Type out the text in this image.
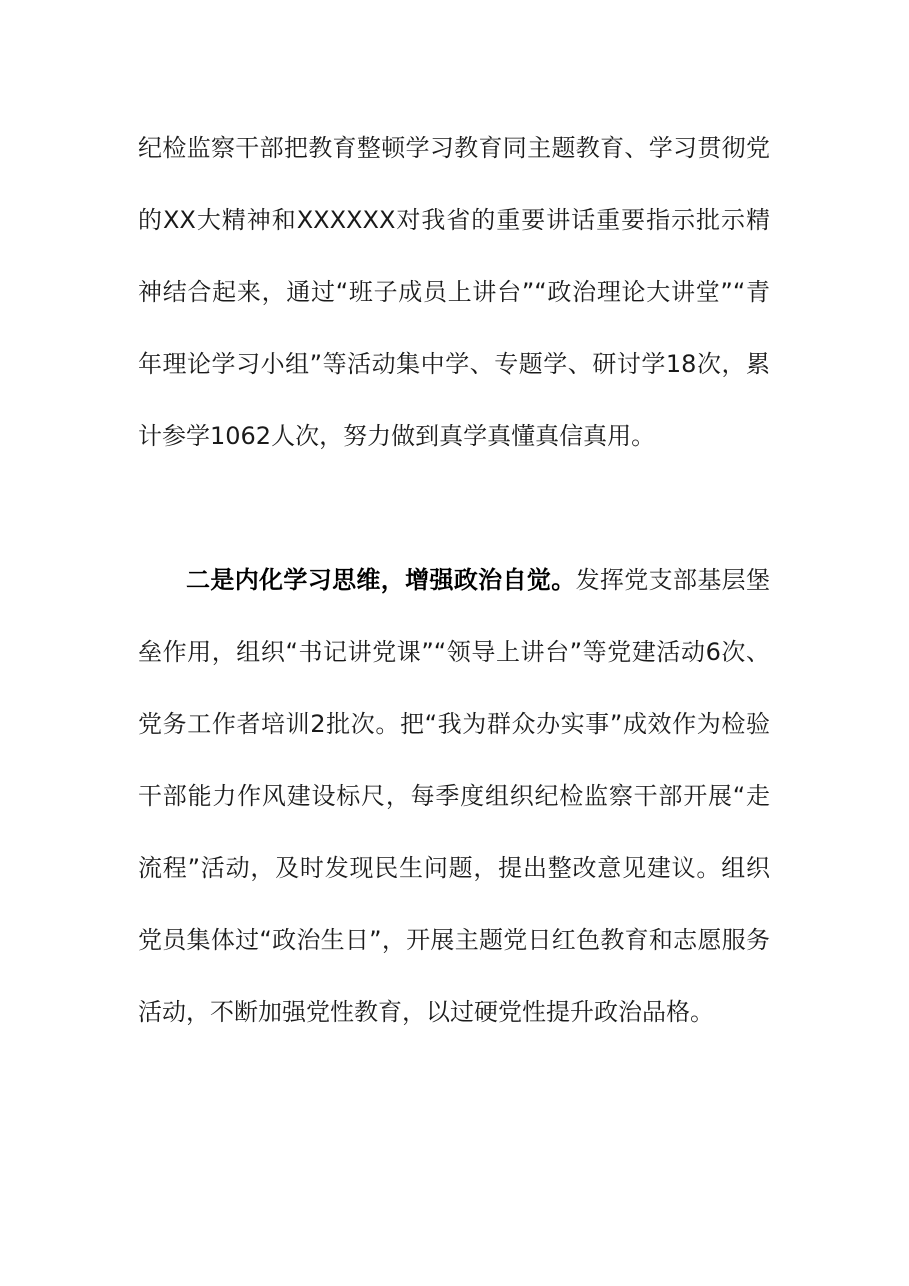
纪检监察干部把教育整顿学习教育同主题教育、学习贯彻党的XX大精神和XXXXXX对我省的重要讲话重要指示批示精神结合起来，通过“班子成员上讲台”“政治理论大讲堂”“青年理论学习小组”等活动集中学、专题学、研讨学18次，累计参学1062人次，努力做到真学真懂真信真用。

二是内化学习思维，增强政治自觉。发挥党支部基层堡垒作用，组织“书记讲党课”“领导上讲台”等党建活动6次、党务工作者培训2批次。把“我为群众办实事”成效作为检验干部能力作风建设标尺，每季度组织纪检监察干部开展“走流程”活动，及时发现民生问题，提出整改意见建议。组织党员集体过“政治生日”，开展主题党日红色教育和志愿服务活动，不断加强党性教育，以过硬党性提升政治品格。
